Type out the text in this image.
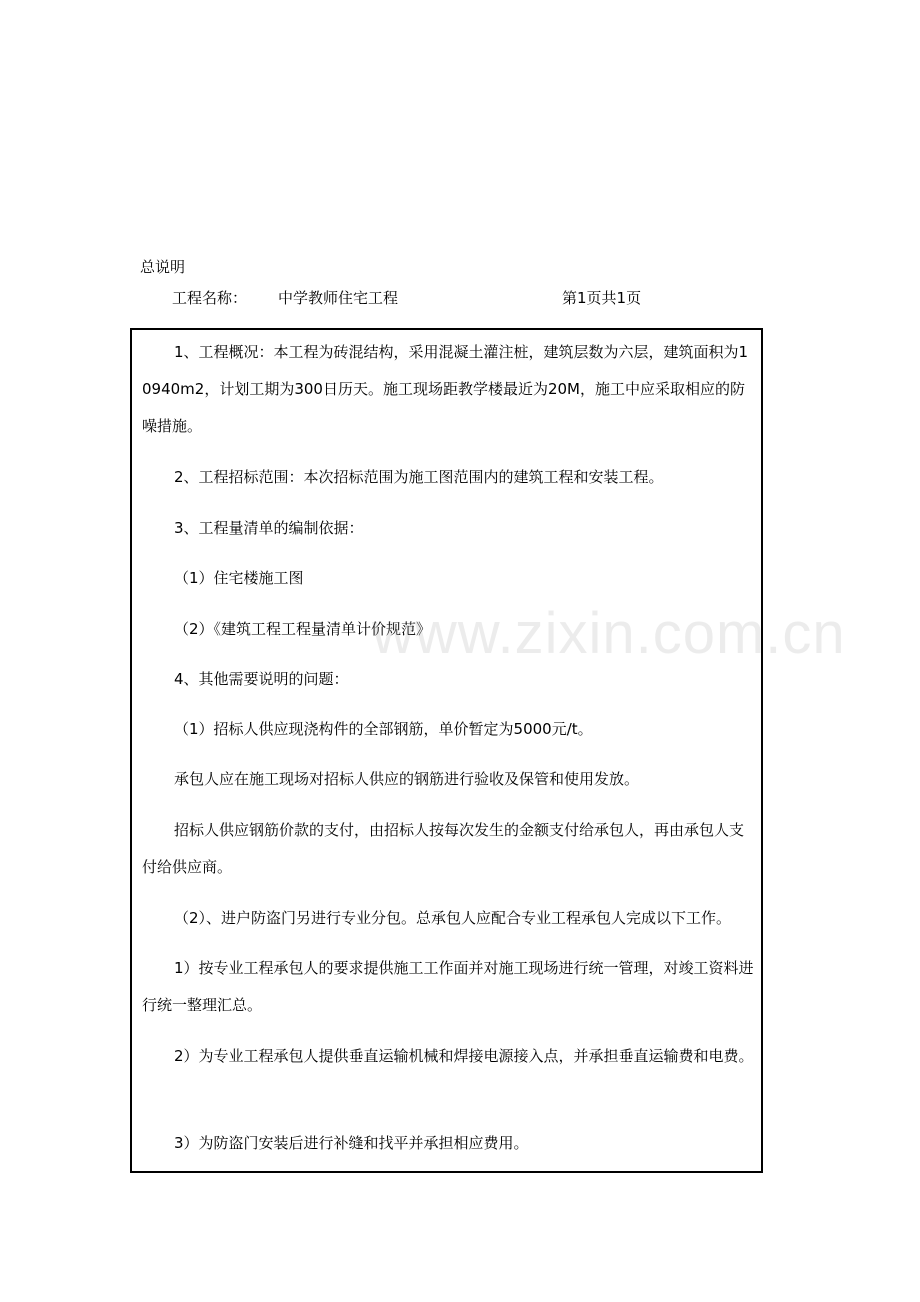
总说明
工程名称： 中学教师住宅工程	第1页共1页

1、工程概况：本工程为砖混结构，采用混凝土灌注桩，建筑层数为六层，建筑面积为10940m2，计划工期为300日历天。施工现场距教学楼最近为20M，施工中应采取相应的防噪措施。

2、工程招标范围：本次招标范围为施工图范围内的建筑工程和安装工程。

3、工程量清单的编制依据：

（1）住宅楼施工图

（2）《建筑工程工程量清单计价规范》

4、其他需要说明的问题：

（1）招标人供应现浇构件的全部钢筋，单价暂定为5000元/t。

承包人应在施工现场对招标人供应的钢筋进行验收及保管和使用发放。

招标人供应钢筋价款的支付，由招标人按每次发生的金额支付给承包人，再由承包人支付给供应商。

（2）、进户防盗门另进行专业分包。总承包人应配合专业工程承包人完成以下工作。

1）按专业工程承包人的要求提供施工工作面并对施工现场进行统一管理，对竣工资料进行统一整理汇总。

2）为专业工程承包人提供垂直运输机械和焊接电源接入点，并承担垂直运输费和电费。

3）为防盗门安装后进行补缝和找平并承担相应费用。

www.zixin.com.cn
